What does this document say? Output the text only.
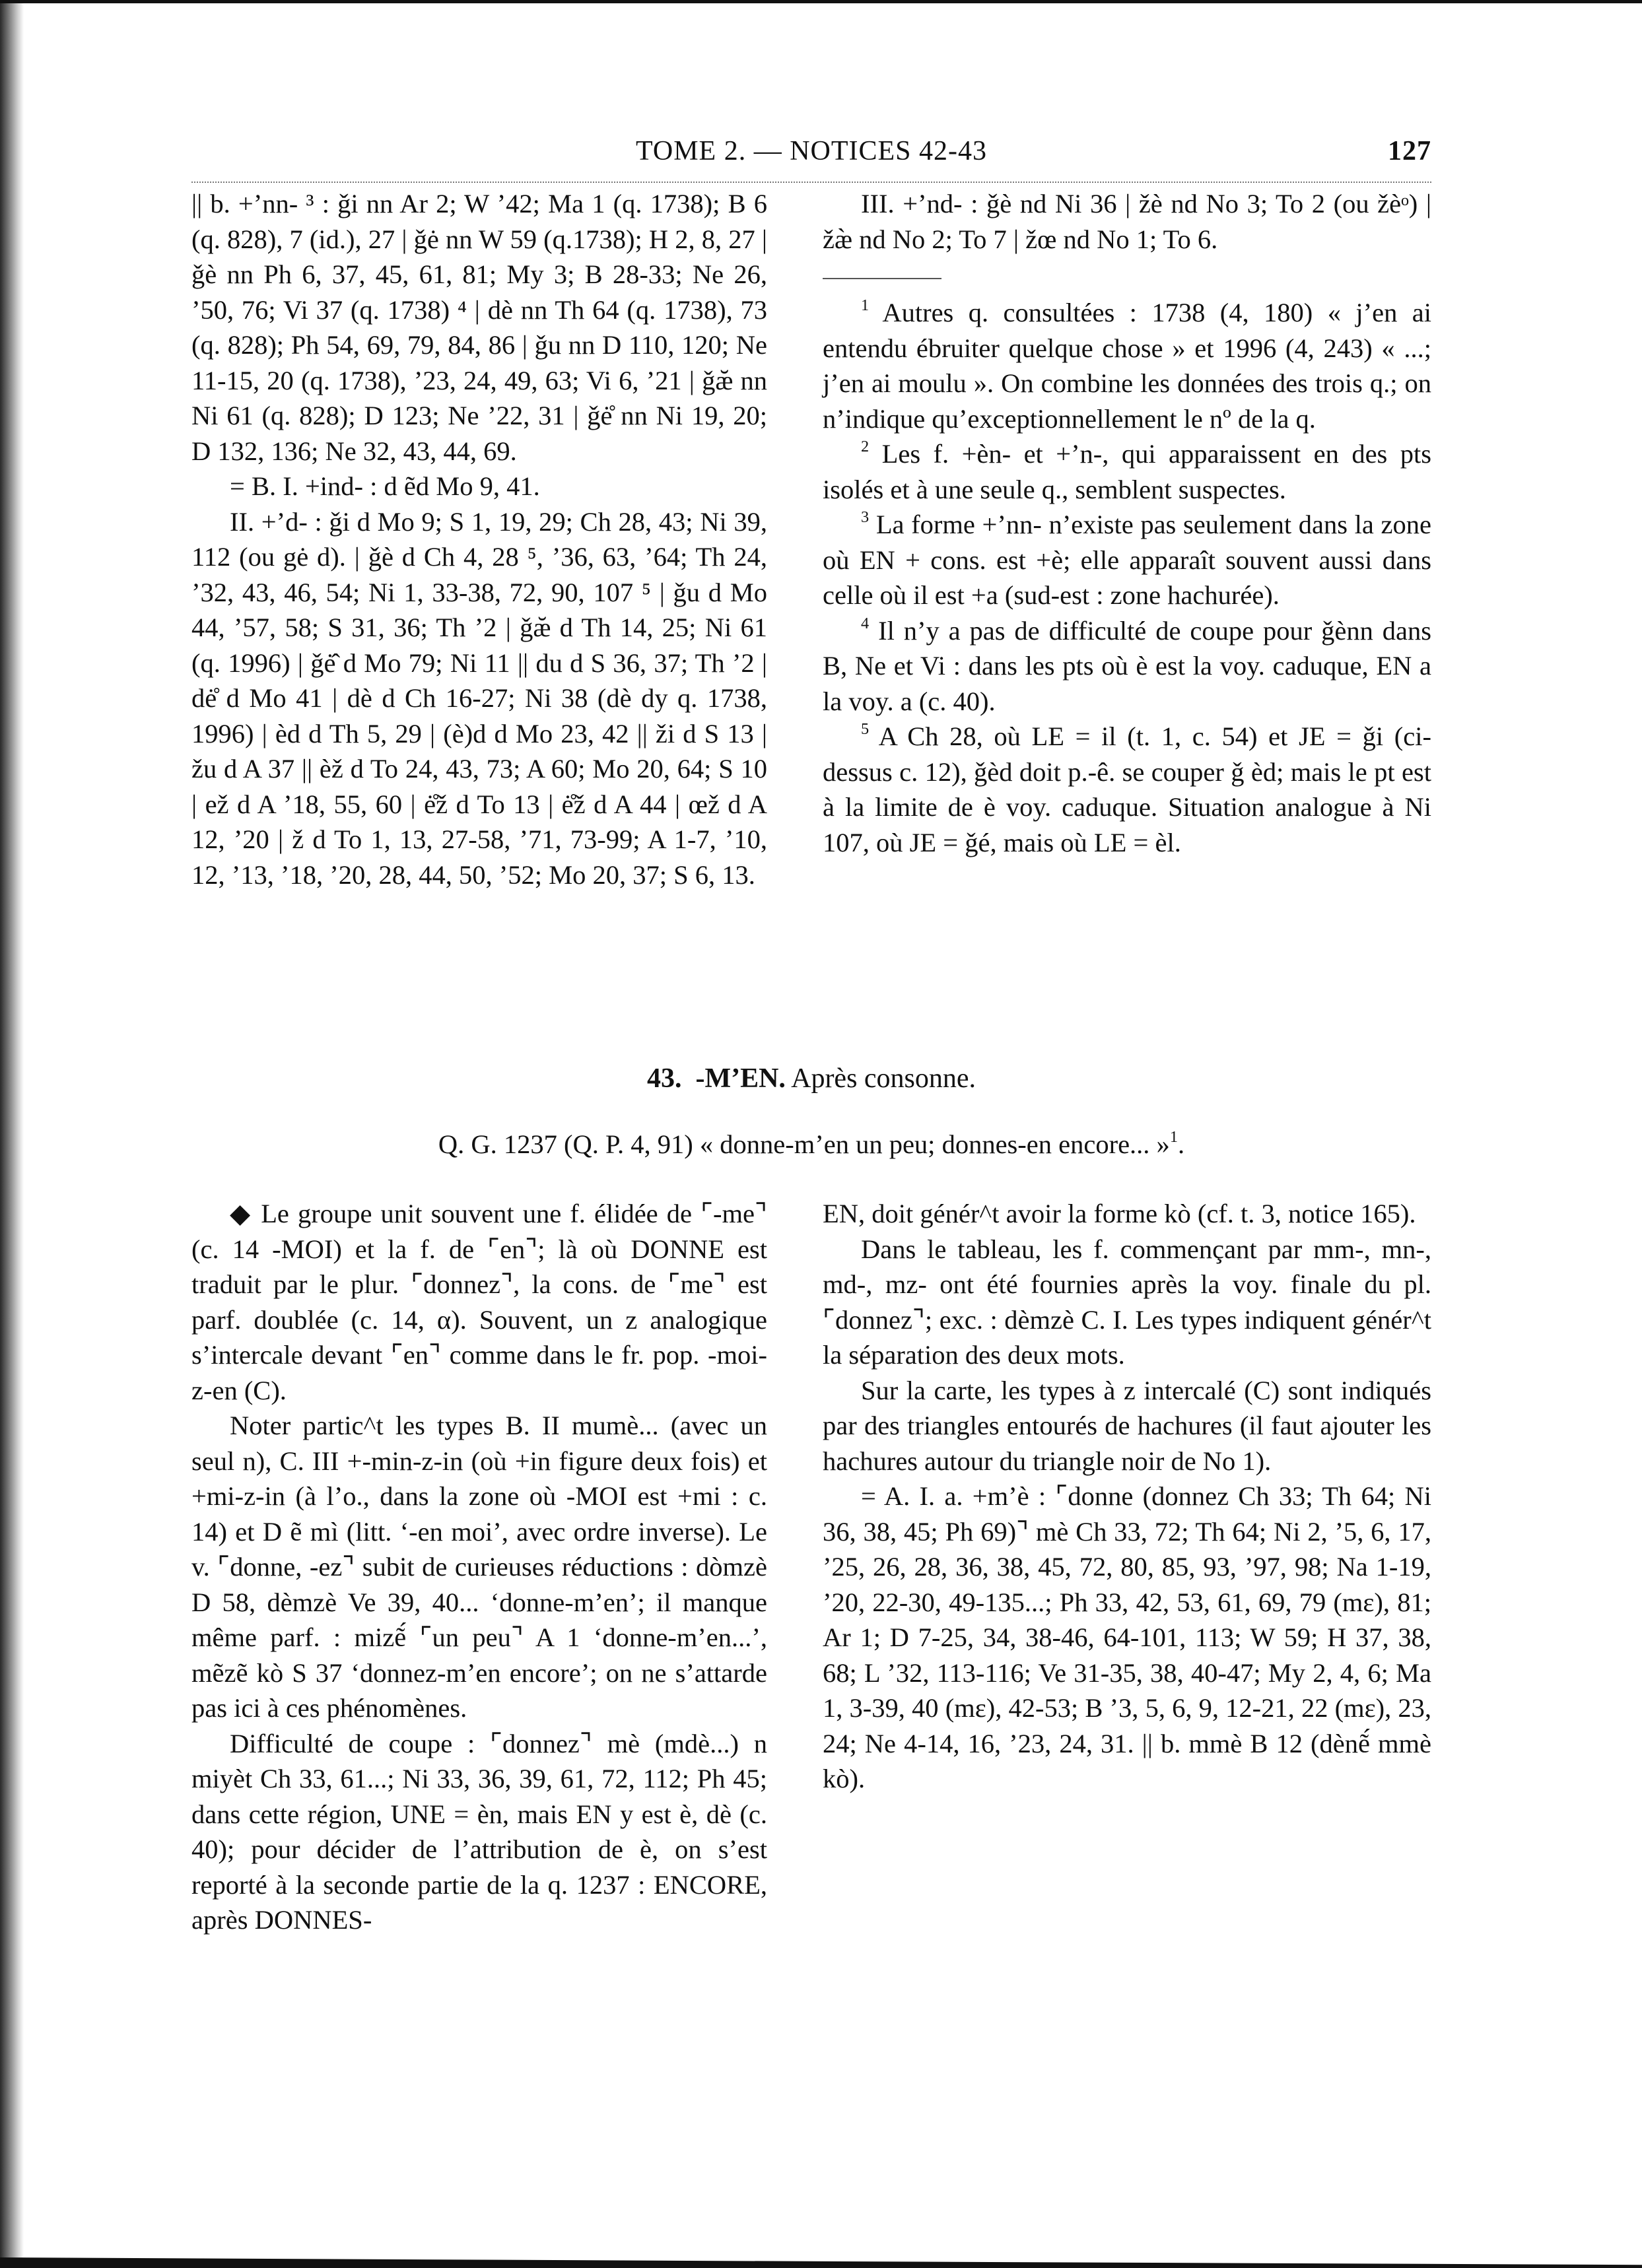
TOME 2. — NOTICES 42-43	127

|| b. +’nn- ³ : ǧi nn Ar 2; W ’42; Ma 1 (q. 1738); B 6 (q. 828), 7 (id.), 27 | ǧė nn W 59 (q.1738); H 2, 8, 27 | ǧè nn Ph 6, 37, 45, 61, 81; My 3; B 28-33; Ne 26, ’50, 76; Vi 37 (q. 1738) ⁴ | dè nn Th 64 (q. 1738), 73 (q. 828); Ph 54, 69, 79, 84, 86 | ǧu nn D 110, 120; Ne 11-15, 20 (q. 1738), ’23, 24, 49, 63; Vi 6, ’21 | ǧæ̆ nn Ni 61 (q. 828); D 123; Ne ’22, 31 | ǧė̊ nn Ni 19, 20; D 132, 136; Ne 32, 43, 44, 69.

= B. I. +ind- : d ẽd Mo 9, 41.

II. +’d- : ǧi d Mo 9; S 1, 19, 29; Ch 28, 43; Ni 39, 112 (ou gė d). | ǧè d Ch 4, 28 ⁵, ’36, 63, ’64; Th 24, ’32, 43, 46, 54; Ni 1, 33-38, 72, 90, 107 ⁵ | ǧu d Mo 44, ’57, 58; S 31, 36; Th ’2 | ǧæ̆ d Th 14, 25; Ni 61 (q. 1996) | ǧė̂ d Mo 79; Ni 11 || du d S 36, 37; Th ’2 | dė̊ d Mo 41 | dè d Ch 16-27; Ni 38 (dè dy q. 1738, 1996) | èd d Th 5, 29 | (è)d d Mo 23, 42 || ži d S 13 | žu d A 37 || èž d To 24, 43, 73; A 60; Mo 20, 64; S 10 | ež d A ’18, 55, 60 | ė̊ž d To 13 | ė̊ž d A 44 | œž d A 12, ’20 | ž d To 1, 13, 27-58, ’71, 73-99; A 1-7, ’10, 12, ’13, ’18, ’20, 28, 44, 50, ’52; Mo 20, 37; S 6, 13.

III. +’nd- : ǧè nd Ni 36 | žè nd No 3; To 2 (ou žèᵒ) | žæ̀ nd No 2; To 7 | žœ nd No 1; To 6.

$^1$ Autres q. consultées : 1738 (4, 180) « j’en ai entendu ébruiter quelque chose » et 1996 (4, 243) « ...; j’en ai moulu ». On combine les données des trois q.; on n’indique qu’exceptionnellement le nº de la q.

$^2$ Les f. +èn- et +’n-, qui apparaissent en des pts isolés et à une seule q., semblent suspectes.

$^3$ La forme +’nn- n’existe pas seulement dans la zone où EN + cons. est +è; elle apparaît souvent aussi dans celle où il est +a (sud-est : zone hachurée).

$^4$ Il n’y a pas de difficulté de coupe pour ǧènn dans B, Ne et Vi : dans les pts où è est la voy. caduque, EN a la voy. a (c. 40).

$^5$ A Ch 28, où LE = il (t. 1, c. 54) et JE = ǧi (ci-dessus c. 12), ǧèd doit p.-ê. se couper ǧ èd; mais le pt est à la limite de è voy. caduque. Situation analogue à Ni 107, où JE = ǧé, mais où LE = èl.

43. -M’EN. Après consonne.
Q. G. 1237 (Q. P. 4, 91) « donne-m’en un peu; donnes-en encore... »$^1$.

◆ Le groupe unit souvent une f. élidée de ⌜-me⌝ (c. 14 -MOI) et la f. de ⌜en⌝; là où DONNE est traduit par le plur. ⌜donnez⌝, la cons. de ⌜me⌝ est parf. doublée (c. 14, α). Souvent, un z analogique s’intercale devant ⌜en⌝ comme dans le fr. pop. -moi-z-en (C).

Noter partic^t les types B. II mumè... (avec un seul n), C. III +-min-z-in (où +in figure deux fois) et +mi-z-in (à l’o., dans la zone où -MOI est +mi : c. 14) et D ẽ mì (litt. ‘-en moi’, avec ordre inverse). Le v. ⌜donne, -ez⌝ subit de curieuses réductions : dòmzè D 58, dèmzè Ve 39, 40... ‘donne-m’en’; il manque même parf. : mizẽ́ ⌜un peu⌝ A 1 ‘donne-m’en...’, mẽzẽ kò S 37 ‘donnez-m’en encore’; on ne s’attarde pas ici à ces phénomènes.

Difficulté de coupe : ⌜donnez⌝ mè (mdè...) n miyèt Ch 33, 61...; Ni 33, 36, 39, 61, 72, 112; Ph 45; dans cette région, UNE = èn, mais EN y est è, dè (c. 40); pour décider de l’attribution de è, on s’est reporté à la seconde partie de la q. 1237 : ENCORE, après DONNES-

EN, doit génér^t avoir la forme kò (cf. t. 3, notice 165).

Dans le tableau, les f. commençant par mm-, mn-, md-, mz- ont été fournies après la voy. finale du pl. ⌜donnez⌝; exc. : dèmzè C. I. Les types indiquent génér^t la séparation des deux mots.

Sur la carte, les types à z intercalé (C) sont indiqués par des triangles entourés de hachures (il faut ajouter les hachures autour du triangle noir de No 1).

= A. I. a. +m’è : ⌜donne (donnez Ch 33; Th 64; Ni 36, 38, 45; Ph 69)⌝ mè Ch 33, 72; Th 64; Ni 2, ’5, 6, 17, ’25, 26, 28, 36, 38, 45, 72, 80, 85, 93, ’97, 98; Na 1-19, ’20, 22-30, 49-135...; Ph 33, 42, 53, 61, 69, 79 (mɛ), 81; Ar 1; D 7-25, 34, 38-46, 64-101, 113; W 59; H 37, 38, 68; L ’32, 113-116; Ve 31-35, 38, 40-47; My 2, 4, 6; Ma 1, 3-39, 40 (mɛ), 42-53; B ’3, 5, 6, 9, 12-21, 22 (mɛ), 23, 24; Ne 4-14, 16, ’23, 24, 31. || b. mmè B 12 (dènẽ́ mmè kò).
